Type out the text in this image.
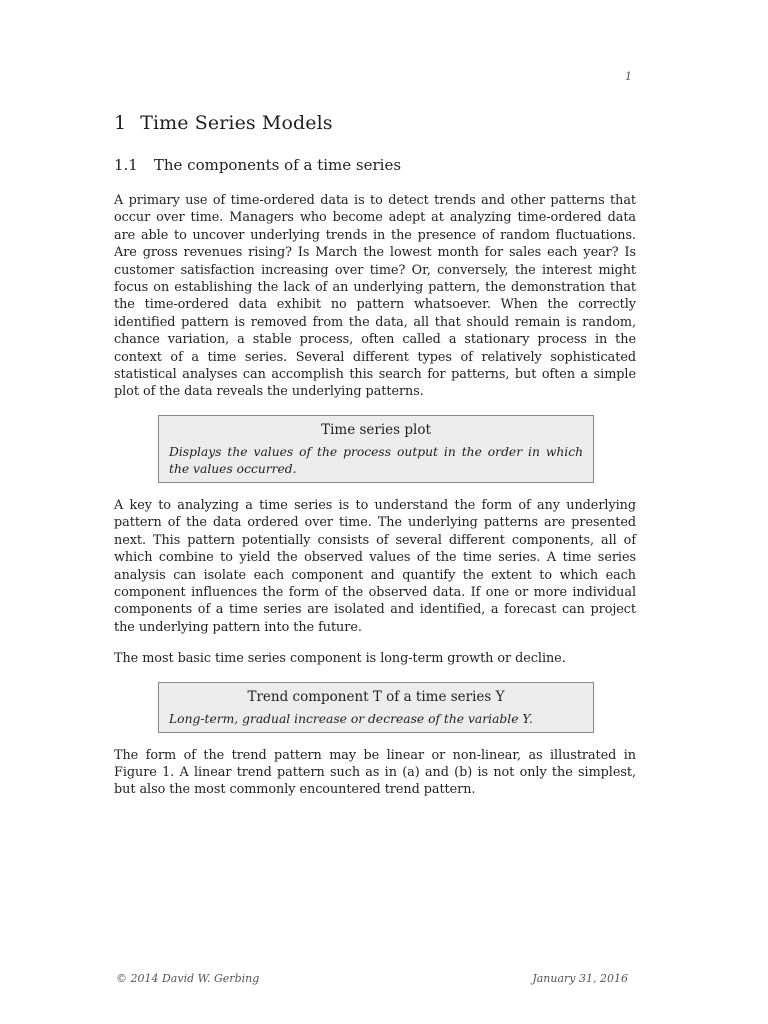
1
1 Time Series Models
1.1 The components of a time series

A primary use of time-ordered data is to detect trends and other patterns that occur over time. Managers who become adept at analyzing time-ordered data are able to uncover underlying trends in the presence of random fluctuations. Are gross revenues rising? Is March the lowest month for sales each year? Is customer satisfaction increasing over time? Or, conversely, the interest might focus on establishing the lack of an underlying pattern, the demonstration that the time-ordered data exhibit no pattern whatsoever. When the correctly identified pattern is removed from the data, all that should remain is random, chance variation, a stable process, often called a stationary process in the context of a time series. Several different types of relatively sophisticated statistical analyses can accomplish this search for patterns, but often a simple plot of the data reveals the underlying patterns.

Time series plot

Displays the values of the process output in the order in which the values occurred.

A key to analyzing a time series is to understand the form of any underlying pattern of the data ordered over time. The underlying patterns are presented next. This pattern potentially consists of several different components, all of which combine to yield the observed values of the time series. A time series analysis can isolate each component and quantify the extent to which each component influences the form of the observed data. If one or more individual components of a time series are isolated and identified, a forecast can project the underlying pattern into the future.

The most basic time series component is long-term growth or decline.

Trend component T of a time series Y

Long-term, gradual increase or decrease of the variable Y.

The form of the trend pattern may be linear or non-linear, as illustrated in Figure 1. A linear trend pattern such as in (a) and (b) is not only the simplest, but also the most commonly encountered trend pattern.

© 2014 David W. Gerbing	January 31, 2016
